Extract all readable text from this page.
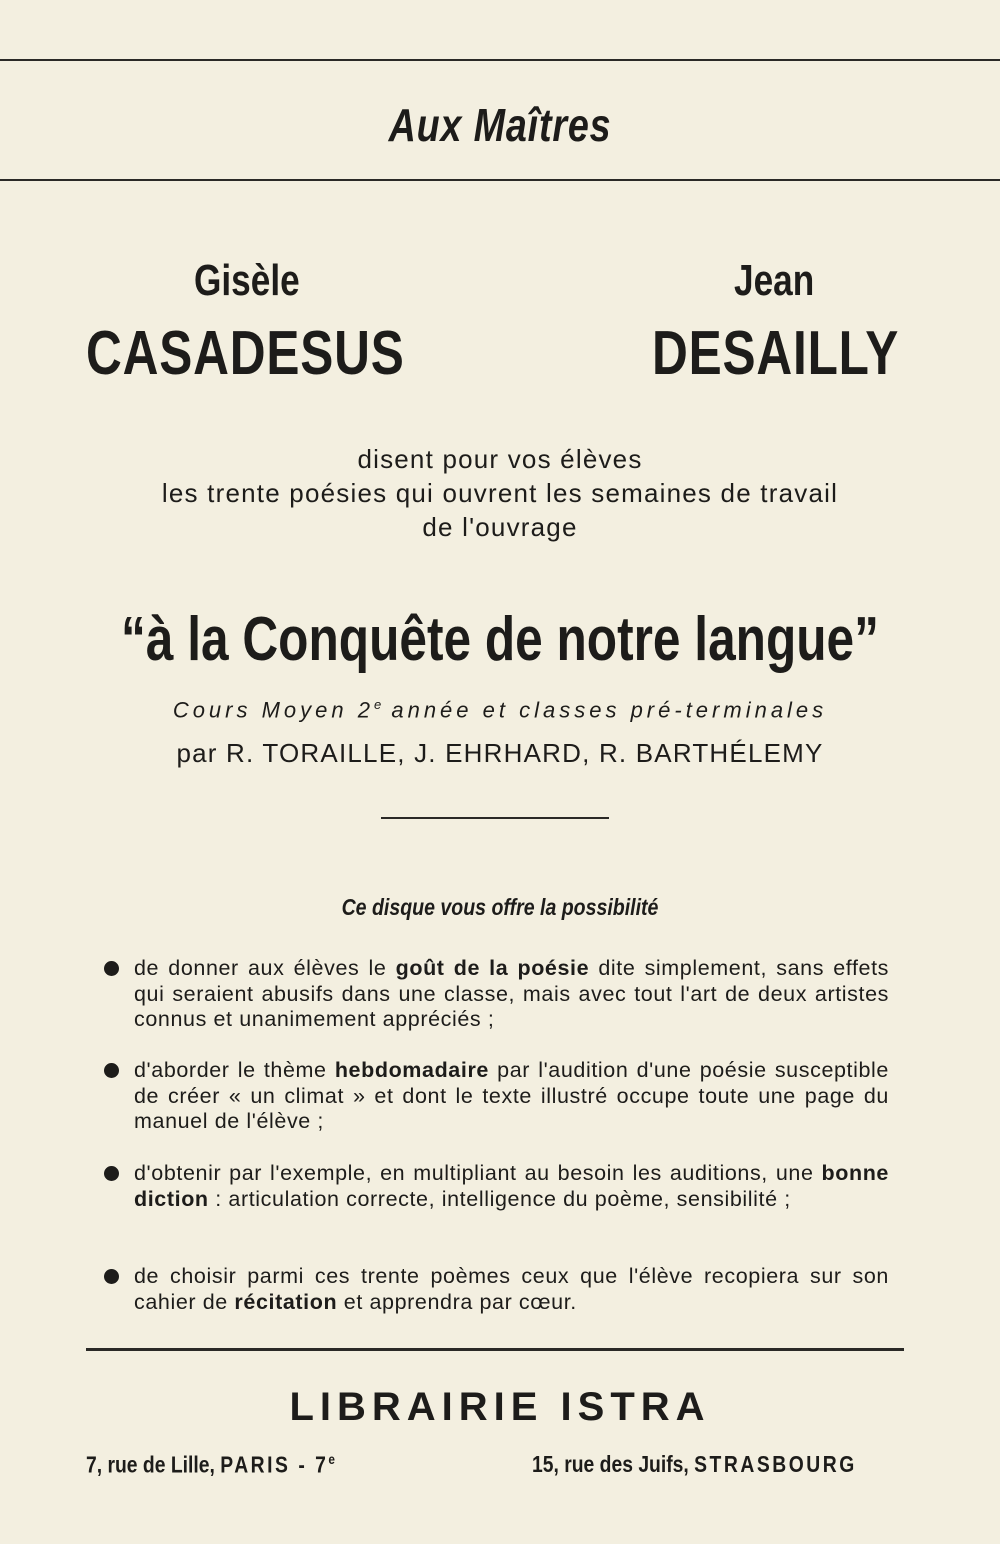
Aux Maîtres
Gisèle
CASADESUS
Jean
DESAILLY
disent pour vos élèves
les trente poésies qui ouvrent les semaines de travail
de l'ouvrage
“à la Conquête de notre langue”
Cours Moyen 2e année et classes pré-terminales
par R. TORAILLE, J. EHRHARD, R. BARTHÉLEMY
Ce disque vous offre la possibilité
de donner aux élèves le goût de la poésie dite simplement, sans effets qui seraient abusifs dans une classe, mais avec tout l'art de deux artistes connus et unanimement appréciés ;
d'aborder le thème hebdomadaire par l'audition d'une poésie susceptible de créer « un climat » et dont le texte illustré occupe toute une page du manuel de l'élève ;
d'obtenir par l'exemple, en multipliant au besoin les auditions, une bonne diction : articulation correcte, intelligence du poème, sensibilité ;
de choisir parmi ces trente poèmes ceux que l'élève recopiera sur son cahier de récitation et apprendra par cœur.
LIBRAIRIE ISTRA
7, rue de Lille, PARIS - 7e	15, rue des Juifs, STRASBOURG
